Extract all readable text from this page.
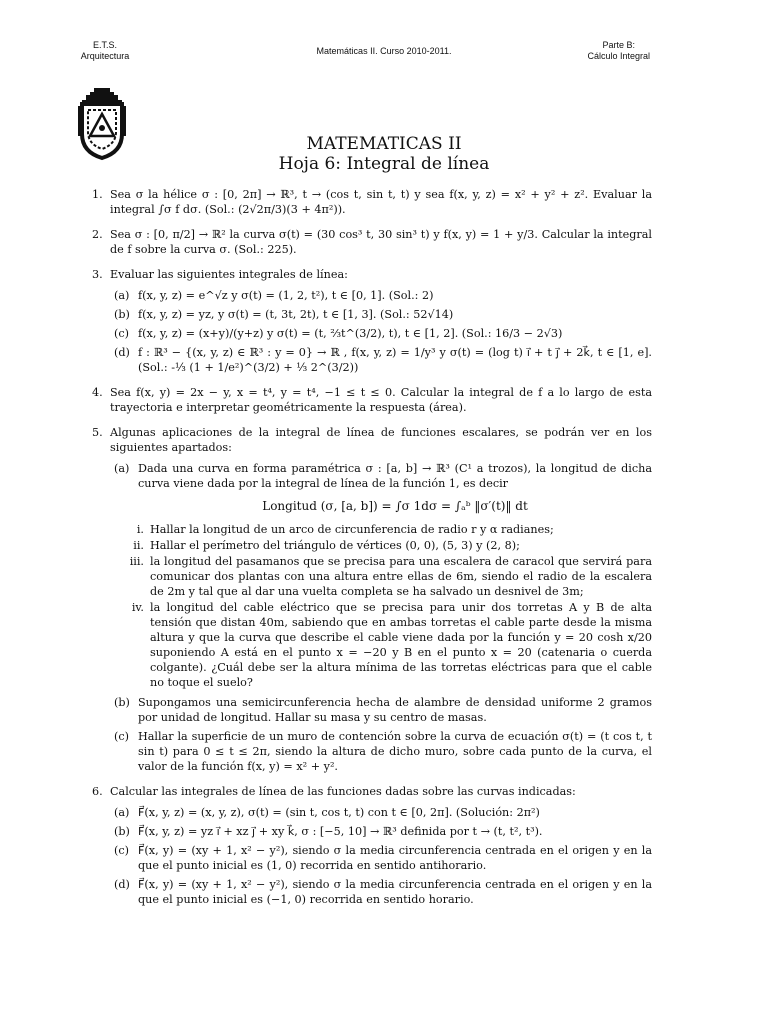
E.T.S.
Arquitectura	Matemáticas II. Curso 2010-2011.
Parte B:
Cálculo Integral
MATEMATICAS II
Hoja 6: Integral de línea
1. Sea σ la hélice σ : [0, 2π] → ℝ³, t → (cos t, sin t, t) y sea f(x, y, z) = x² + y² + z². Evaluar la integral ∫σ f dσ. (Sol.: (2√2π/3)(3 + 4π²)).
2. Sea σ : [0, π/2] → ℝ² la curva σ(t) = (30 cos³ t, 30 sin³ t) y f(x, y) = 1 + y/3. Calcular la integral de f sobre la curva σ. (Sol.: 225).
3. Evaluar las siguientes integrales de línea:
(a) f(x, y, z) = e^√z y σ(t) = (1, 2, t²), t ∈ [0, 1]. (Sol.: 2)
(b) f(x, y, z) = yz, y σ(t) = (t, 3t, 2t), t ∈ [1, 3]. (Sol.: 52√14)
(c) f(x, y, z) = (x+y)/(y+z) y σ(t) = (t, ⅔t^(3/2), t), t ∈ [1, 2]. (Sol.: 16/3 − 2√3)
(d) f : ℝ³ − {(x, y, z) ∈ ℝ³ : y = 0} → ℝ , f(x, y, z) = 1/y³ y σ(t) = (log t) i⃗ + t j⃗ + 2k⃗, t ∈ [1, e]. (Sol.: -⅓ (1 + 1/e²)^(3/2) + ⅓ 2^(3/2))
4. Sea f(x, y) = 2x − y, x = t⁴, y = t⁴, −1 ≤ t ≤ 0. Calcular la integral de f a lo largo de esta trayectoria e interpretar geométricamente la respuesta (área).
5. Algunas aplicaciones de la integral de línea de funciones escalares, se podrán ver en los siguientes apartados:
(a) Dada una curva en forma paramétrica σ : [a, b] → ℝ³ (C¹ a trozos), la longitud de dicha curva viene dada por la integral de línea de la función 1, es decir
Longitud (σ, [a, b]) = ∫σ 1dσ = ∫ₐᵇ ‖σ′(t)‖ dt
i. Hallar la longitud de un arco de circunferencia de radio r y α radianes;
ii. Hallar el perímetro del triángulo de vértices (0, 0), (5, 3) y (2, 8);
iii. la longitud del pasamanos que se precisa para una escalera de caracol que servirá para comunicar dos plantas con una altura entre ellas de 6m, siendo el radio de la escalera de 2m y tal que al dar una vuelta completa se ha salvado un desnivel de 3m;
iv. la longitud del cable eléctrico que se precisa para unir dos torretas A y B de alta tensión que distan 40m, sabiendo que en ambas torretas el cable parte desde la misma altura y que la curva que describe el cable viene dada por la función y = 20 cosh x/20 suponiendo A está en el punto x = −20 y B en el punto x = 20 (catenaria o cuerda colgante). ¿Cuál debe ser la altura mínima de las torretas eléctricas para que el cable no toque el suelo?
(b) Supongamos una semicircunferencia hecha de alambre de densidad uniforme 2 gramos por unidad de longitud. Hallar su masa y su centro de masas.
(c) Hallar la superficie de un muro de contención sobre la curva de ecuación σ(t) = (t cos t, t sin t) para 0 ≤ t ≤ 2π, siendo la altura de dicho muro, sobre cada punto de la curva, el valor de la función f(x, y) = x² + y².
6. Calcular las integrales de línea de las funciones dadas sobre las curvas indicadas:
(a) F⃗(x, y, z) = (x, y, z), σ(t) = (sin t, cos t, t) con t ∈ [0, 2π]. (Solución: 2π²)
(b) F⃗(x, y, z) = yz i⃗ + xz j⃗ + xy k⃗, σ : [−5, 10] → ℝ³ definida por t → (t, t², t³).
(c) F⃗(x, y) = (xy + 1, x² − y²), siendo σ la media circunferencia centrada en el origen y en la que el punto inicial es (1, 0) recorrida en sentido antihorario.
(d) F⃗(x, y) = (xy + 1, x² − y²), siendo σ la media circunferencia centrada en el origen y en la que el punto inicial es (−1, 0) recorrida en sentido horario.
